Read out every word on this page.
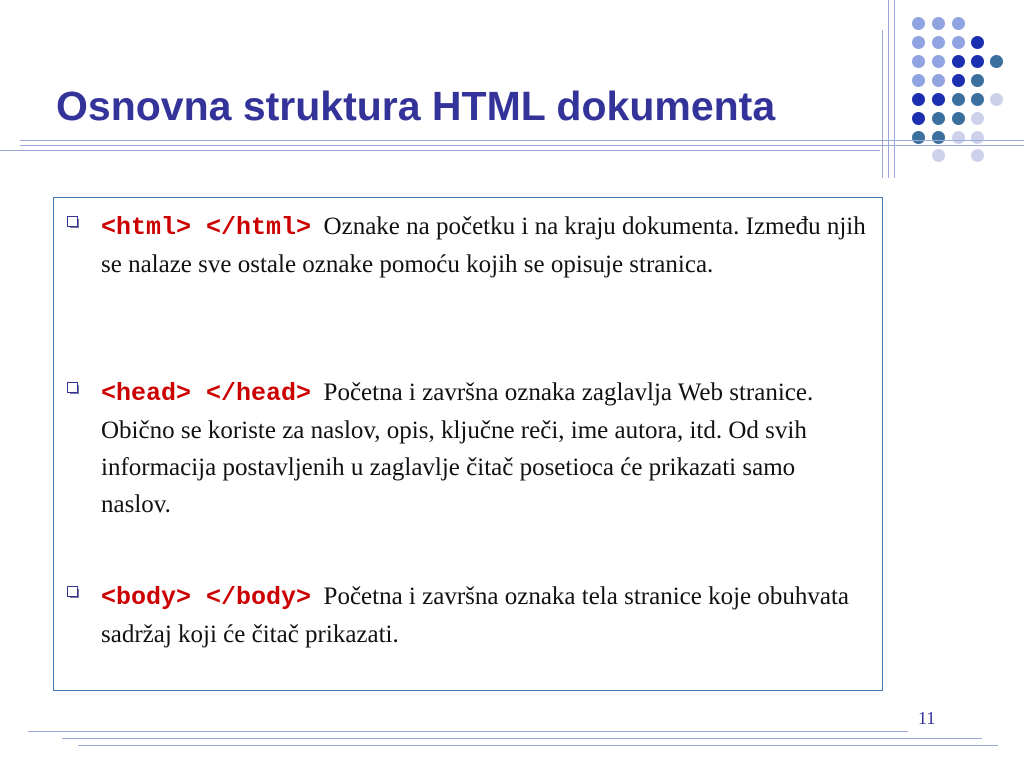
Osnovna struktura HTML dokumenta
<html> </html> Oznake na početku i na kraju dokumenta. Između njih se nalaze sve ostale oznake pomoću kojih se opisuje stranica.
<head> </head> Početna i završna oznaka zaglavlja Web stranice. Obično se koriste za naslov, opis, ključne reči, ime autora, itd. Od svih informacija postavljenih u zaglavlje čitač posetioca će prikazati samo naslov.
<body> </body> Početna i završna oznaka tela stranice koje obuhvata sadržaj koji će čitač prikazati.
11
